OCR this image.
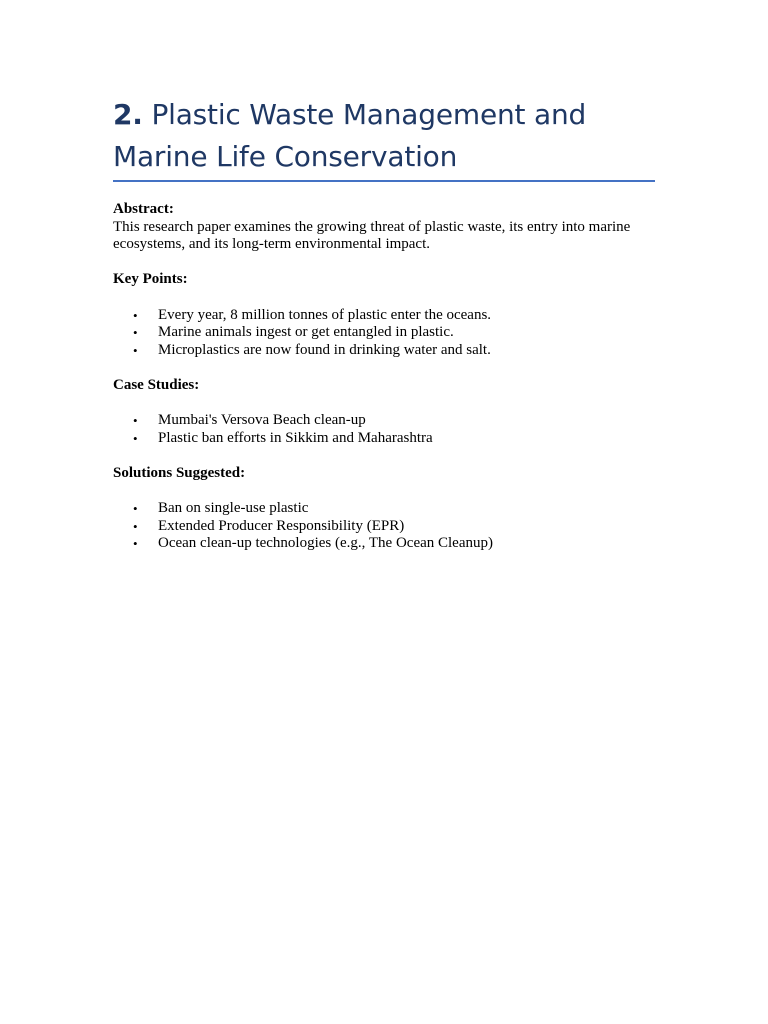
2. Plastic Waste Management and Marine Life Conservation

Abstract:

This research paper examines the growing threat of plastic waste, its entry into marine ecosystems, and its long-term environmental impact.

Key Points:

• Every year, 8 million tonnes of plastic enter the oceans.
• Marine animals ingest or get entangled in plastic.
• Microplastics are now found in drinking water and salt.

Case Studies:

• Mumbai's Versova Beach clean-up
• Plastic ban efforts in Sikkim and Maharashtra

Solutions Suggested:

• Ban on single-use plastic
• Extended Producer Responsibility (EPR)
• Ocean clean-up technologies (e.g., The Ocean Cleanup)
